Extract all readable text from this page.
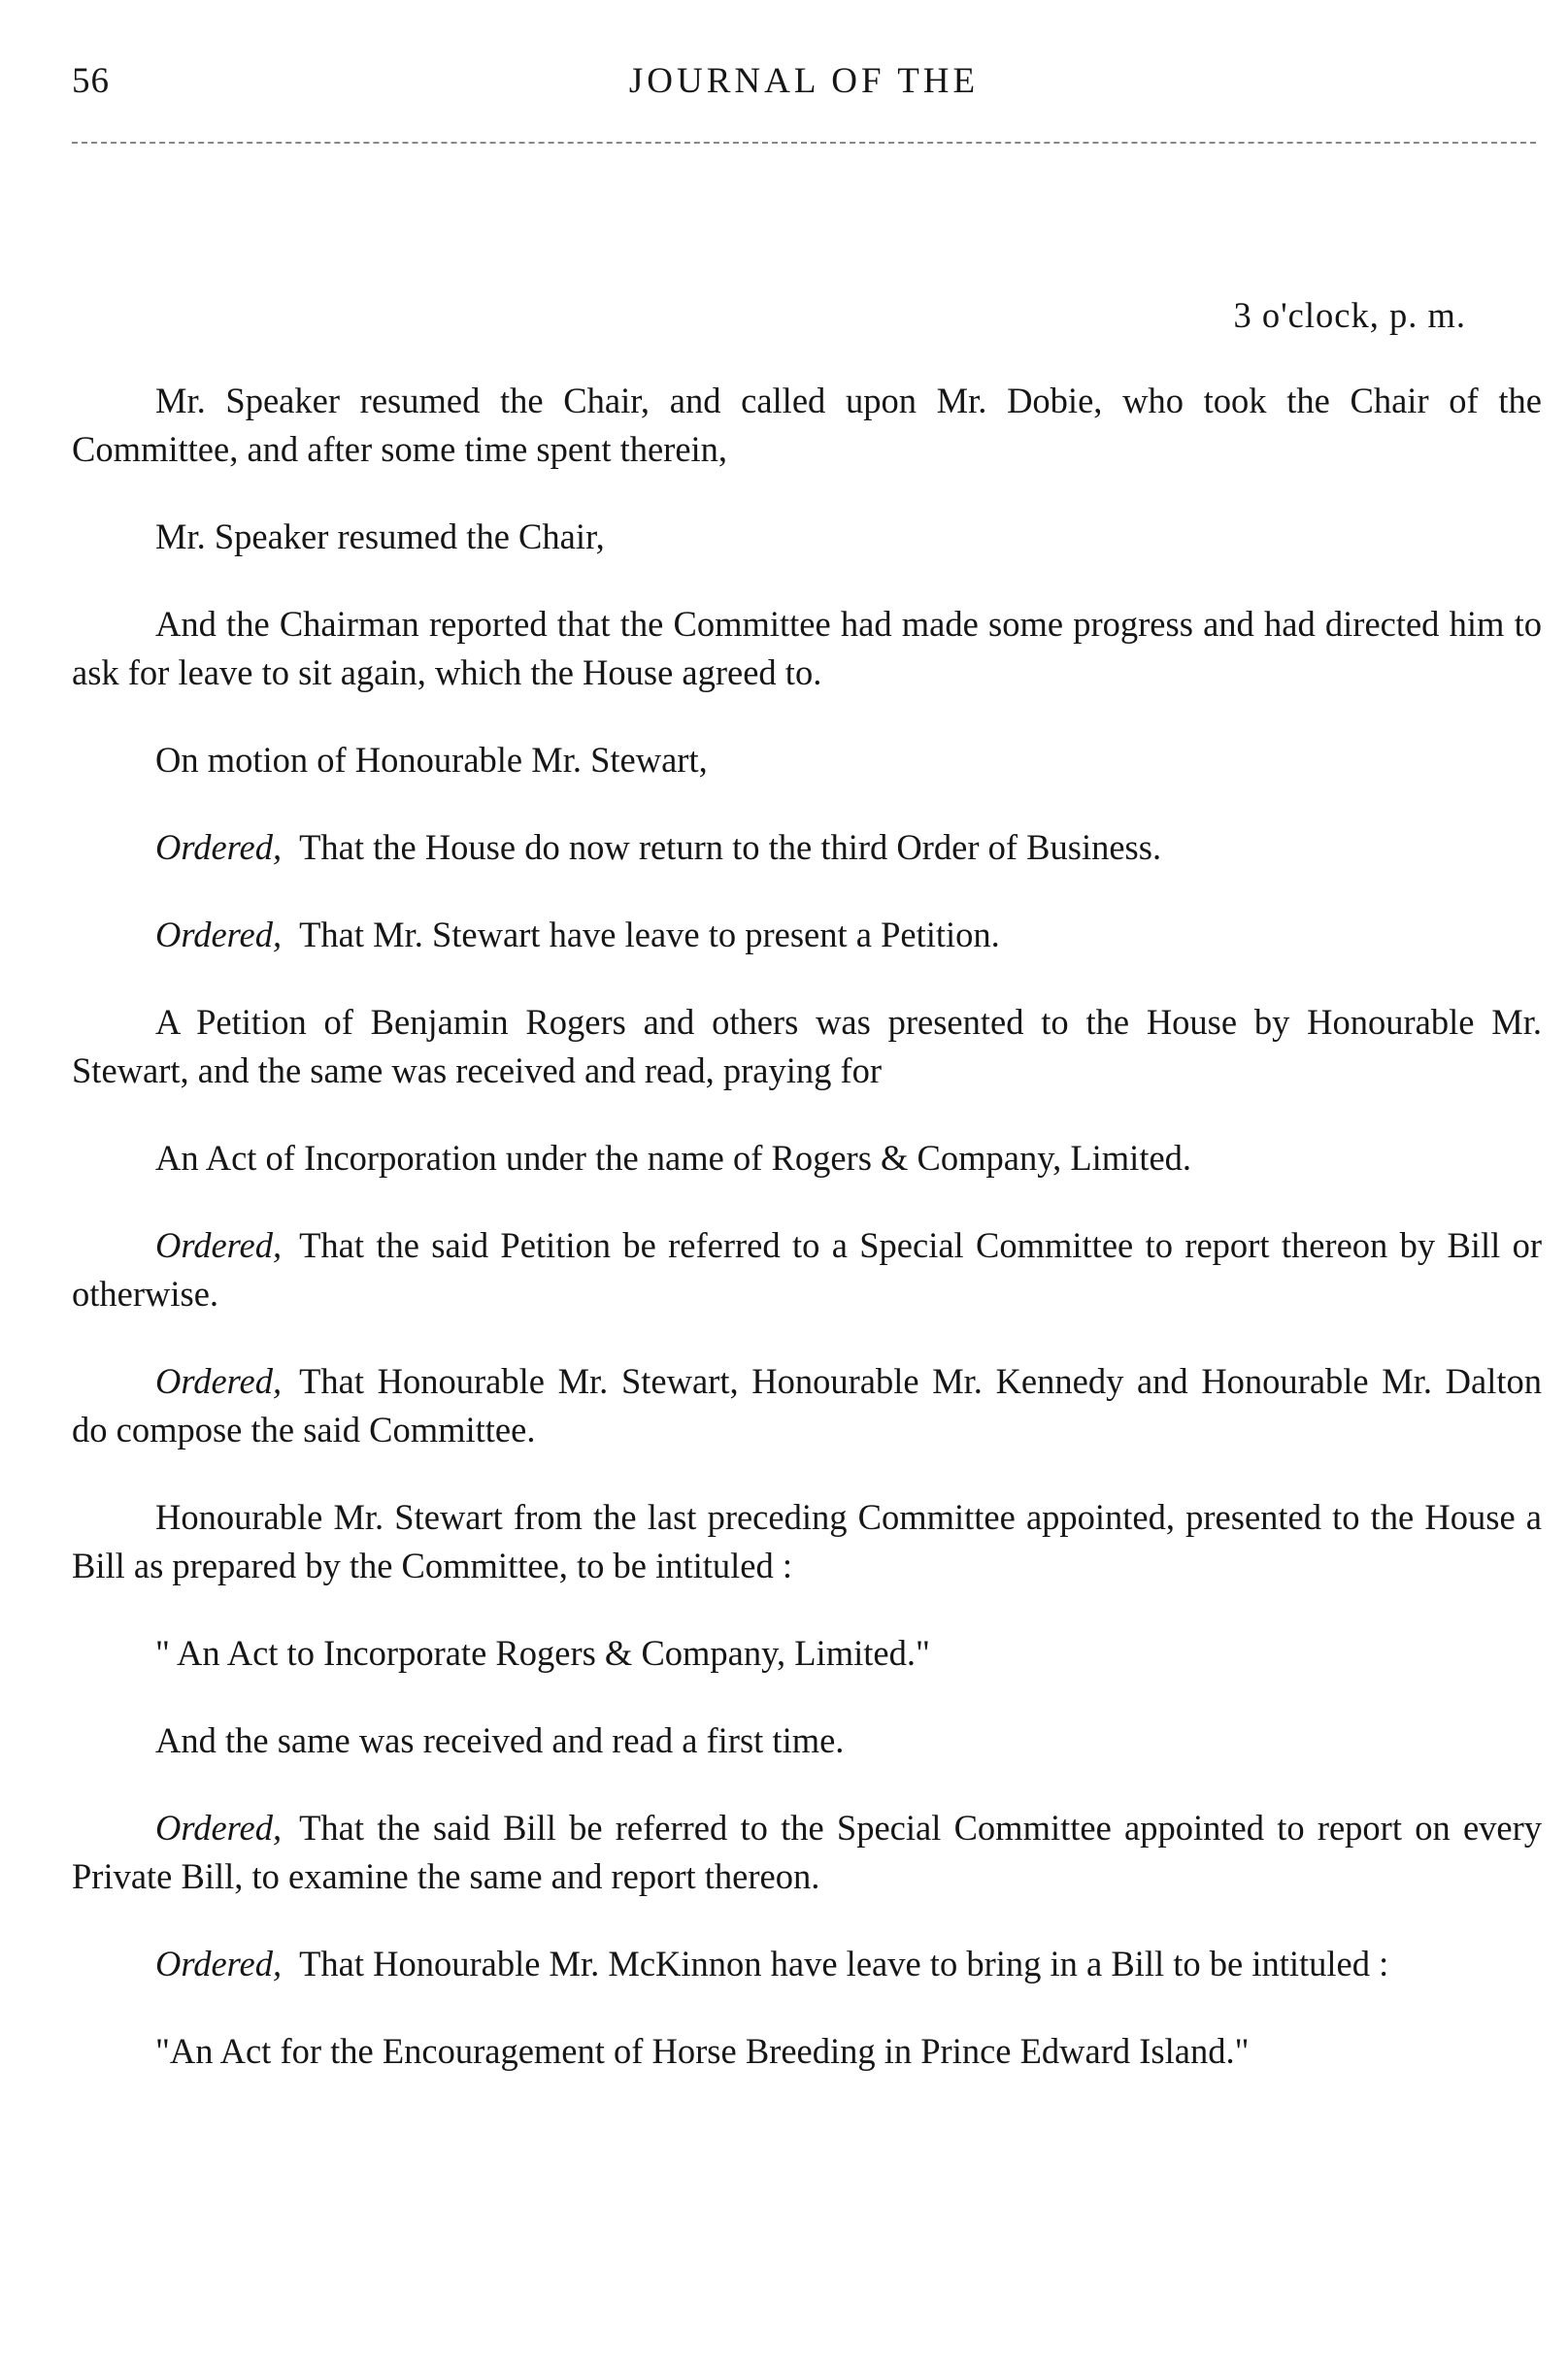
56	JOURNAL OF THE
3 o'clock, p. m.

Mr. Speaker resumed the Chair, and called upon Mr. Dobie, who took the Chair of the Committee, and after some time spent therein,

Mr. Speaker resumed the Chair,

And the Chairman reported that the Committee had made some progress and had directed him to ask for leave to sit again, which the House agreed to.

On motion of Honourable Mr. Stewart,

Ordered, That the House do now return to the third Order of Business.

Ordered, That Mr. Stewart have leave to present a Petition.

A Petition of Benjamin Rogers and others was presented to the House by Honourable Mr. Stewart, and the same was received and read, praying for

An Act of Incorporation under the name of Rogers & Company, Limited.

Ordered, That the said Petition be referred to a Special Committee to report thereon by Bill or otherwise.

Ordered, That Honourable Mr. Stewart, Honourable Mr. Kennedy and Honourable Mr. Dalton do compose the said Committee.

Honourable Mr. Stewart from the last preceding Committee appointed, presented to the House a Bill as prepared by the Committee, to be intituled :

" An Act to Incorporate Rogers & Company, Limited."

And the same was received and read a first time.

Ordered, That the said Bill be referred to the Special Committee appointed to report on every Private Bill, to examine the same and report thereon.

Ordered, That Honourable Mr. McKinnon have leave to bring in a Bill to be intituled :

"An Act for the Encouragement of Horse Breeding in Prince Edward Island."
